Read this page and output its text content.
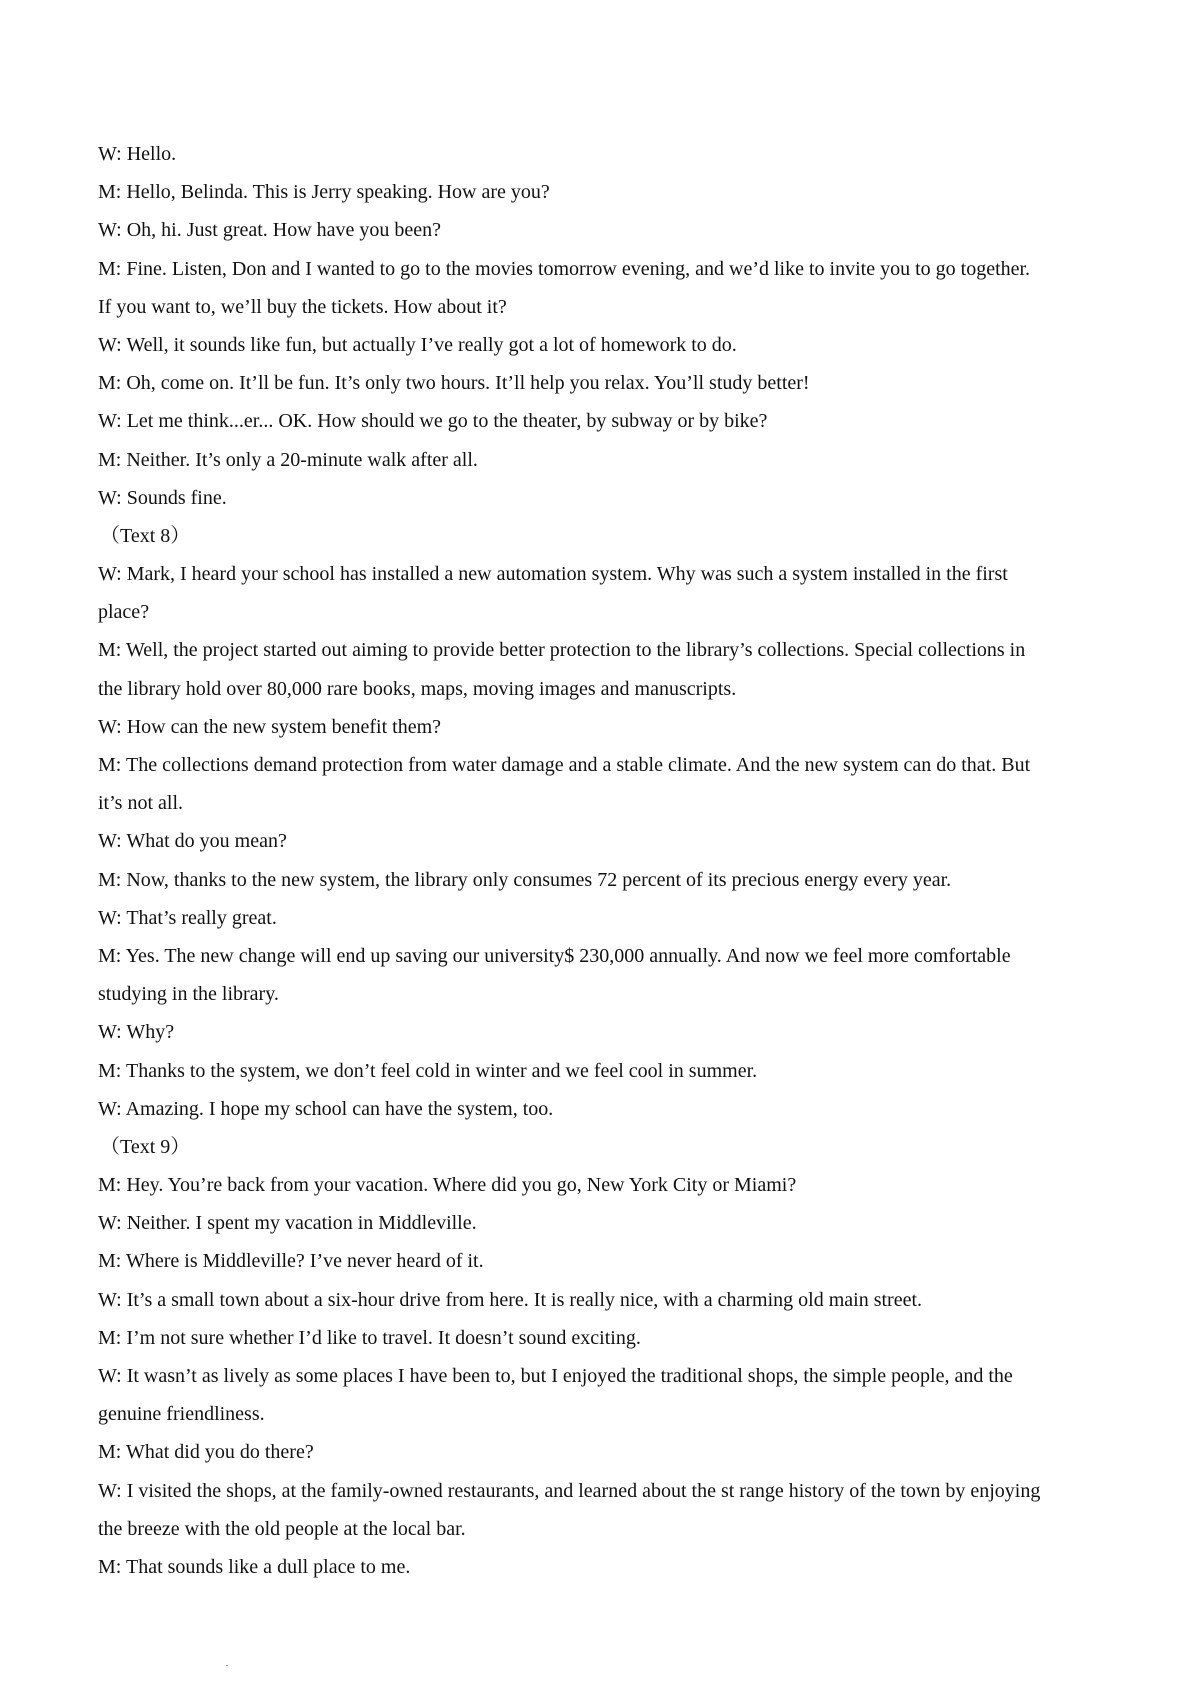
W: Hello.
M: Hello, Belinda. This is Jerry speaking. How are you?
W: Oh, hi. Just great. How have you been?
M: Fine. Listen, Don and I wanted to go to the movies tomorrow evening, and we’d like to invite you to go together.
If you want to, we’ll buy the tickets. How about it?
W: Well, it sounds like fun, but actually I’ve really got a lot of homework to do.
M: Oh, come on. It’ll be fun. It’s only two hours. It’ll help you relax. You’ll study better!
W: Let me think...er... OK. How should we go to the theater, by subway or by bike?
M: Neither. It’s only a 20-minute walk after all.
W: Sounds fine.
（Text 8）
W: Mark, I heard your school has installed a new automation system. Why was such a system installed in the first
place?
M: Well, the project started out aiming to provide better protection to the library’s collections. Special collections in
the library hold over 80,000 rare books, maps, moving images and manuscripts.
W: How can the new system benefit them?
M: The collections demand protection from water damage and a stable climate. And the new system can do that. But
it’s not all.
W: What do you mean?
M: Now, thanks to the new system, the library only consumes 72 percent of its precious energy every year.
W: That’s really great.
M: Yes. The new change will end up saving our university$ 230,000 annually. And now we feel more comfortable
studying in the library.
W: Why?
M: Thanks to the system, we don’t feel cold in winter and we feel cool in summer.
W: Amazing. I hope my school can have the system, too.
（Text 9）
M: Hey. You’re back from your vacation. Where did you go, New York City or Miami?
W: Neither. I spent my vacation in Middleville.
M: Where is Middleville? I’ve never heard of it.
W: It’s a small town about a six-hour drive from here. It is really nice, with a charming old main street.
M: I’m not sure whether I’d like to travel. It doesn’t sound exciting.
W: It wasn’t as lively as some places I have been to, but I enjoyed the traditional shops, the simple people, and the
genuine friendliness.
M: What did you do there?
W: I visited the shops, at the family-owned restaurants, and learned about the st range history of the town by enjoying
the breeze with the old people at the local bar.
M: That sounds like a dull place to me.
